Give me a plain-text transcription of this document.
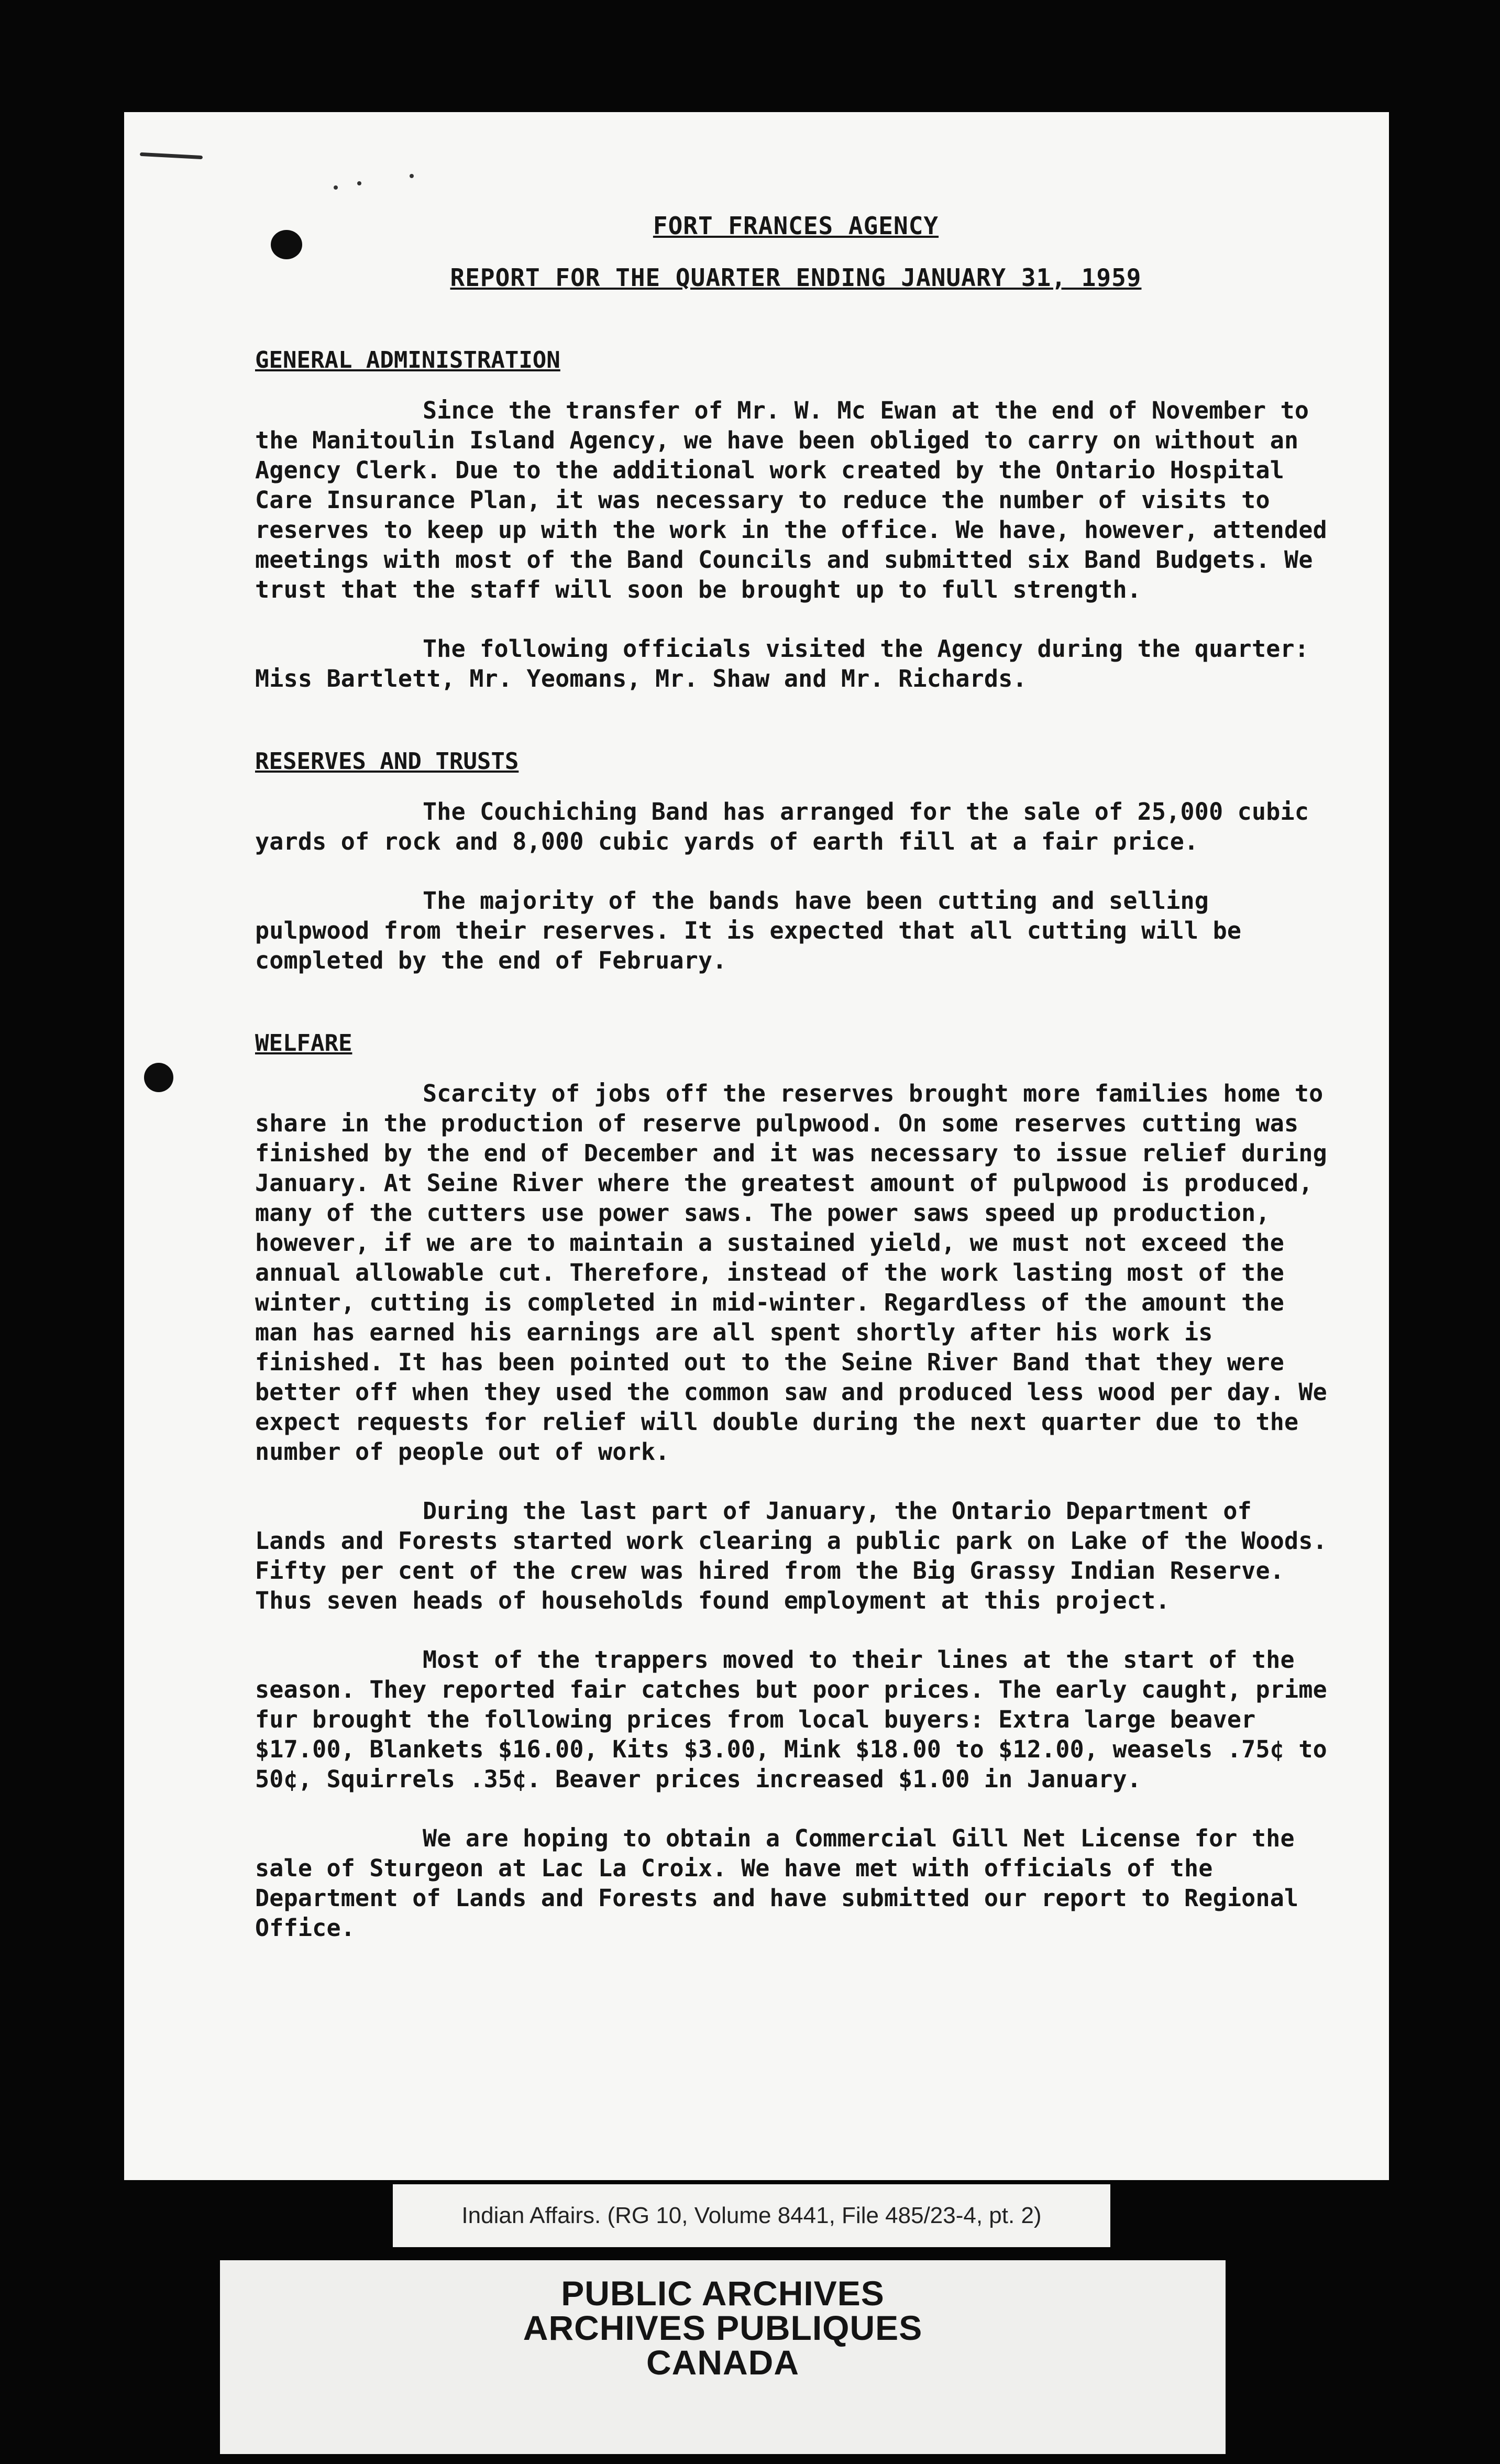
FORT FRANCES AGENCY
REPORT FOR THE QUARTER ENDING JANUARY 31, 1959
GENERAL ADMINISTRATION

Since the transfer of Mr. W. Mc Ewan at the end of November to the Manitoulin Island Agency, we have been obliged to carry on without an Agency Clerk. Due to the additional work created by the Ontario Hospital Care Insurance Plan, it was necessary to reduce the number of visits to reserves to keep up with the work in the office. We have, however, attended meetings with most of the Band Councils and submitted six Band Budgets. We trust that the staff will soon be brought up to full strength.

The following officials visited the Agency during the quarter: Miss Bartlett, Mr. Yeomans, Mr. Shaw and Mr. Richards.

RESERVES AND TRUSTS

The Couchiching Band has arranged for the sale of 25,000 cubic yards of rock and 8,000 cubic yards of earth fill at a fair price.

The majority of the bands have been cutting and selling pulpwood from their reserves. It is expected that all cutting will be completed by the end of February.

WELFARE

Scarcity of jobs off the reserves brought more families home to share in the production of reserve pulpwood. On some reserves cutting was finished by the end of December and it was necessary to issue relief during January. At Seine River where the greatest amount of pulpwood is produced, many of the cutters use power saws. The power saws speed up production, however, if we are to maintain a sustained yield, we must not exceed the annual allowable cut. Therefore, instead of the work lasting most of the winter, cutting is completed in mid-winter. Regardless of the amount the man has earned his earnings are all spent shortly after his work is finished. It has been pointed out to the Seine River Band that they were better off when they used the common saw and produced less wood per day. We expect requests for relief will double during the next quarter due to the number of people out of work.

During the last part of January, the Ontario Department of Lands and Forests started work clearing a public park on Lake of the Woods. Fifty per cent of the crew was hired from the Big Grassy Indian Reserve. Thus seven heads of households found employment at this project.

Most of the trappers moved to their lines at the start of the season. They reported fair catches but poor prices. The early caught, prime fur brought the following prices from local buyers: Extra large beaver $17.00, Blankets $16.00, Kits $3.00, Mink $18.00 to $12.00, weasels .75¢ to 50¢, Squirrels .35¢. Beaver prices increased $1.00 in January.

We are hoping to obtain a Commercial Gill Net License for the sale of Sturgeon at Lac La Croix. We have met with officials of the Department of Lands and Forests and have submitted our report to Regional Office.

Indian Affairs. (RG 10, Volume 8441, File 485/23-4, pt. 2)
PUBLIC ARCHIVES
ARCHIVES PUBLIQUES
CANADA
